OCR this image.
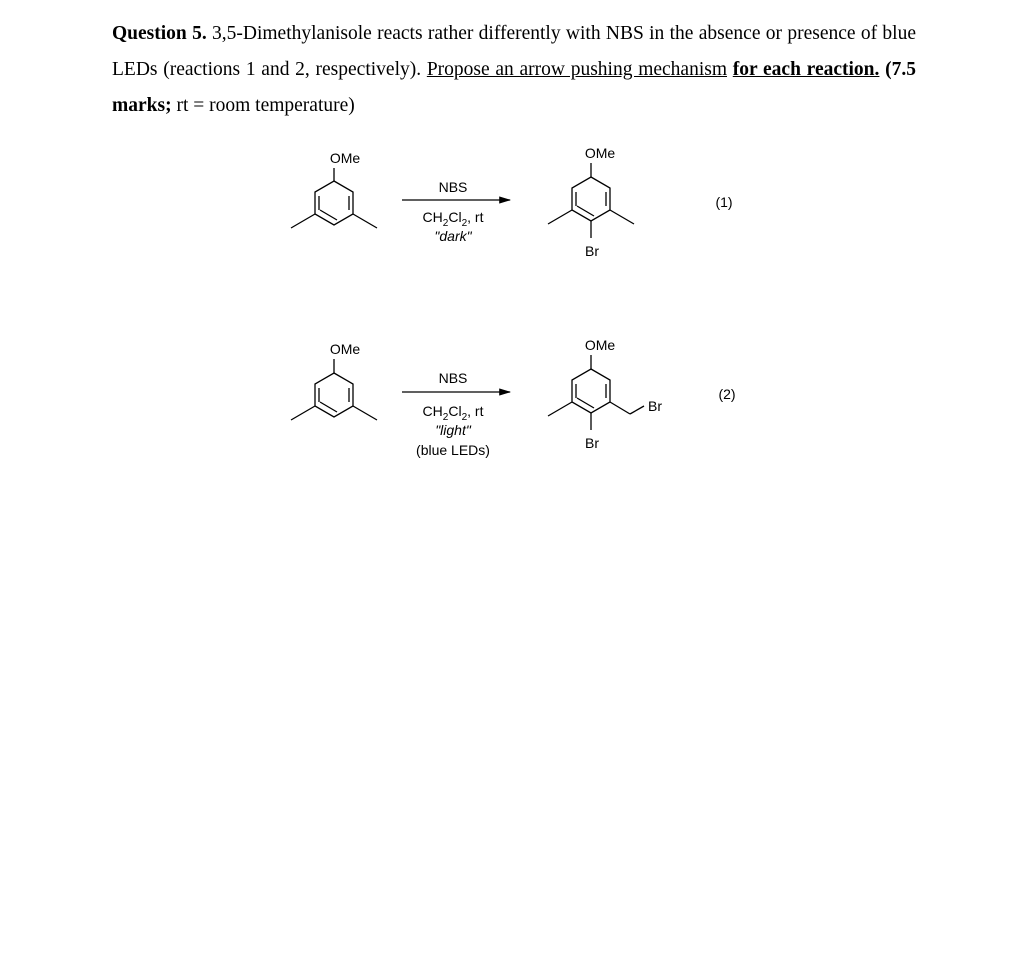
Question 5. 3,5-Dimethylanisole reacts rather differently with NBS in the absence or presence of blue LEDs (reactions 1 and 2, respectively). Propose an arrow pushing mechanism for each reaction. (7.5 marks; rt = room temperature)
OMe
NBS
$CH_2Cl_2$, rt
"dark"
OMe
Br
(1)
OMe
NBS
$CH_2Cl_2$, rt
"light"
(blue LEDs)
OMe
Br
Br
(2)
